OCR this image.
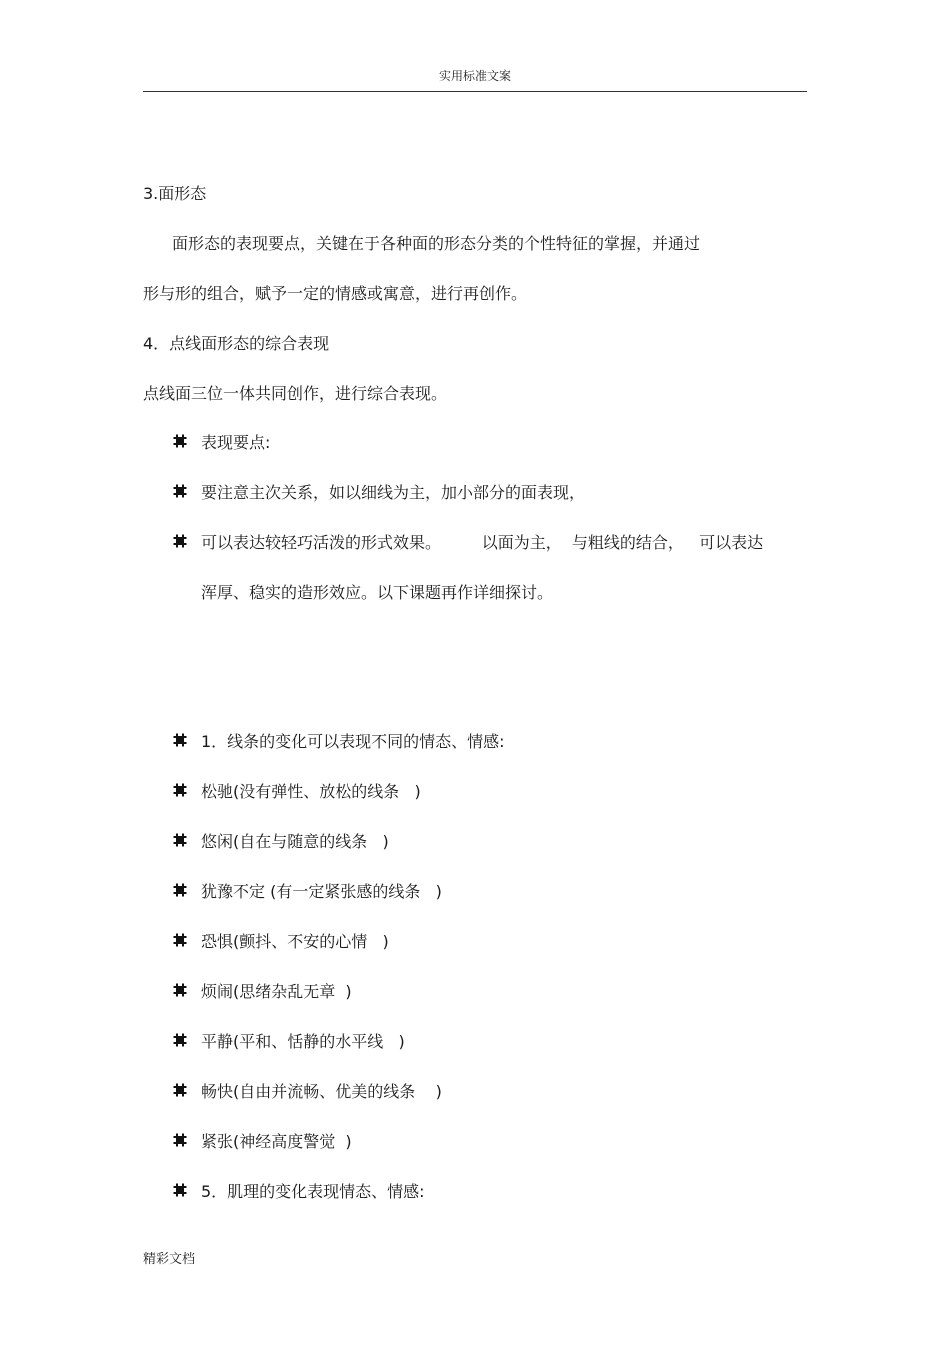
实用标准文案
3.面形态
面形态的表现要点，关键在于各种面的形态分类的个性特征的掌握，并通过
形与形的组合，赋予一定的情感或寓意，进行再创作。
4．点线面形态的综合表现
点线面三位一体共同创作，进行综合表现。
表现要点:
要注意主次关系，如以细线为主，加小部分的面表现，
可以表达较轻巧活泼的形式效果。        以面为主，  与粗线的结合，   可以表达
浑厚、稳实的造形效应。以下课题再作详细探讨。
1．线条的变化可以表现不同的情态、情感:
松驰(没有弹性、放松的线条   )
悠闲(自在与随意的线条   )
犹豫不定 (有一定紧张感的线条   )
恐惧(颤抖、不安的心情   )
烦闹(思绪杂乱无章  )
平静(平和、恬静的水平线   )
畅快(自由并流畅、优美的线条    )
紧张(神经高度警觉  )
5．肌理的变化表现情态、情感:
精彩文档
